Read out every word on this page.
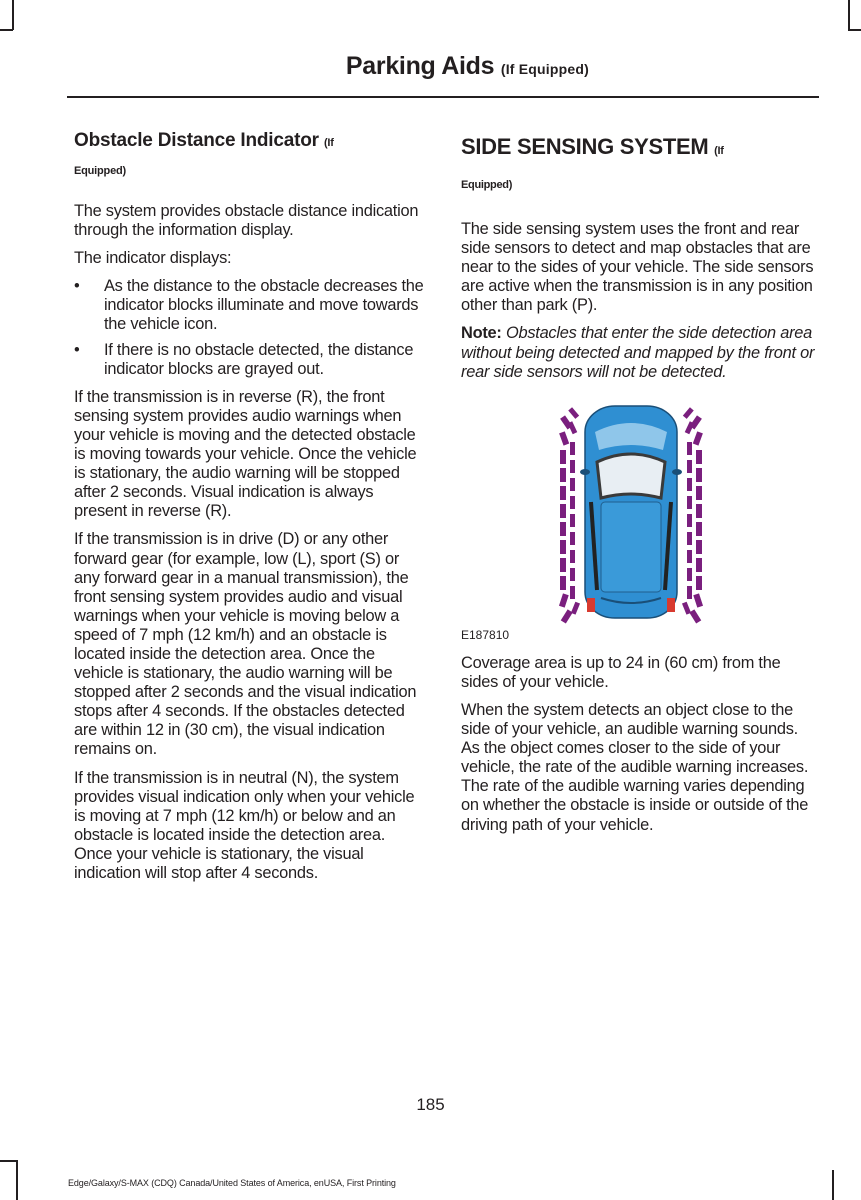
Parking Aids (If Equipped)
Obstacle Distance Indicator (If
Equipped)

The system provides obstacle distance indication through the information display.

The indicator displays:

• As the distance to the obstacle decreases the indicator blocks illuminate and move towards the vehicle icon.
• If there is no obstacle detected, the distance indicator blocks are grayed out.

If the transmission is in reverse (R), the front sensing system provides audio warnings when your vehicle is moving and the detected obstacle is moving towards your vehicle. Once the vehicle is stationary, the audio warning will be stopped after 2 seconds. Visual indication is always present in reverse (R).

If the transmission is in drive (D) or any other forward gear (for example, low (L), sport (S) or any forward gear in a manual transmission), the front sensing system provides audio and visual warnings when your vehicle is moving below a speed of 7 mph (12 km/h) and an obstacle is located inside the detection area. Once the vehicle is stationary, the audio warning will be stopped after 2 seconds and the visual indication stops after 4 seconds. If the obstacles detected are within 12 in (30 cm), the visual indication remains on.

If the transmission is in neutral (N), the system provides visual indication only when your vehicle is moving at 7 mph (12 km/h) or below and an obstacle is located inside the detection area. Once your vehicle is stationary, the visual indication will stop after 4 seconds.

SIDE SENSING SYSTEM (If
Equipped)

The side sensing system uses the front and rear side sensors to detect and map obstacles that are near to the sides of your vehicle. The side sensors are active when the transmission is in any position other than park (P).

Note: Obstacles that enter the side detection area without being detected and mapped by the front or rear side sensors will not be detected.

E187810

Coverage area is up to 24 in (60 cm) from the sides of your vehicle.

When the system detects an object close to the side of your vehicle, an audible warning sounds. As the object comes closer to the side of your vehicle, the rate of the audible warning increases. The rate of the audible warning varies depending on whether the obstacle is inside or outside of the driving path of your vehicle.

185
Edge/Galaxy/S-MAX (CDQ) Canada/United States of America, enUSA, First Printing
